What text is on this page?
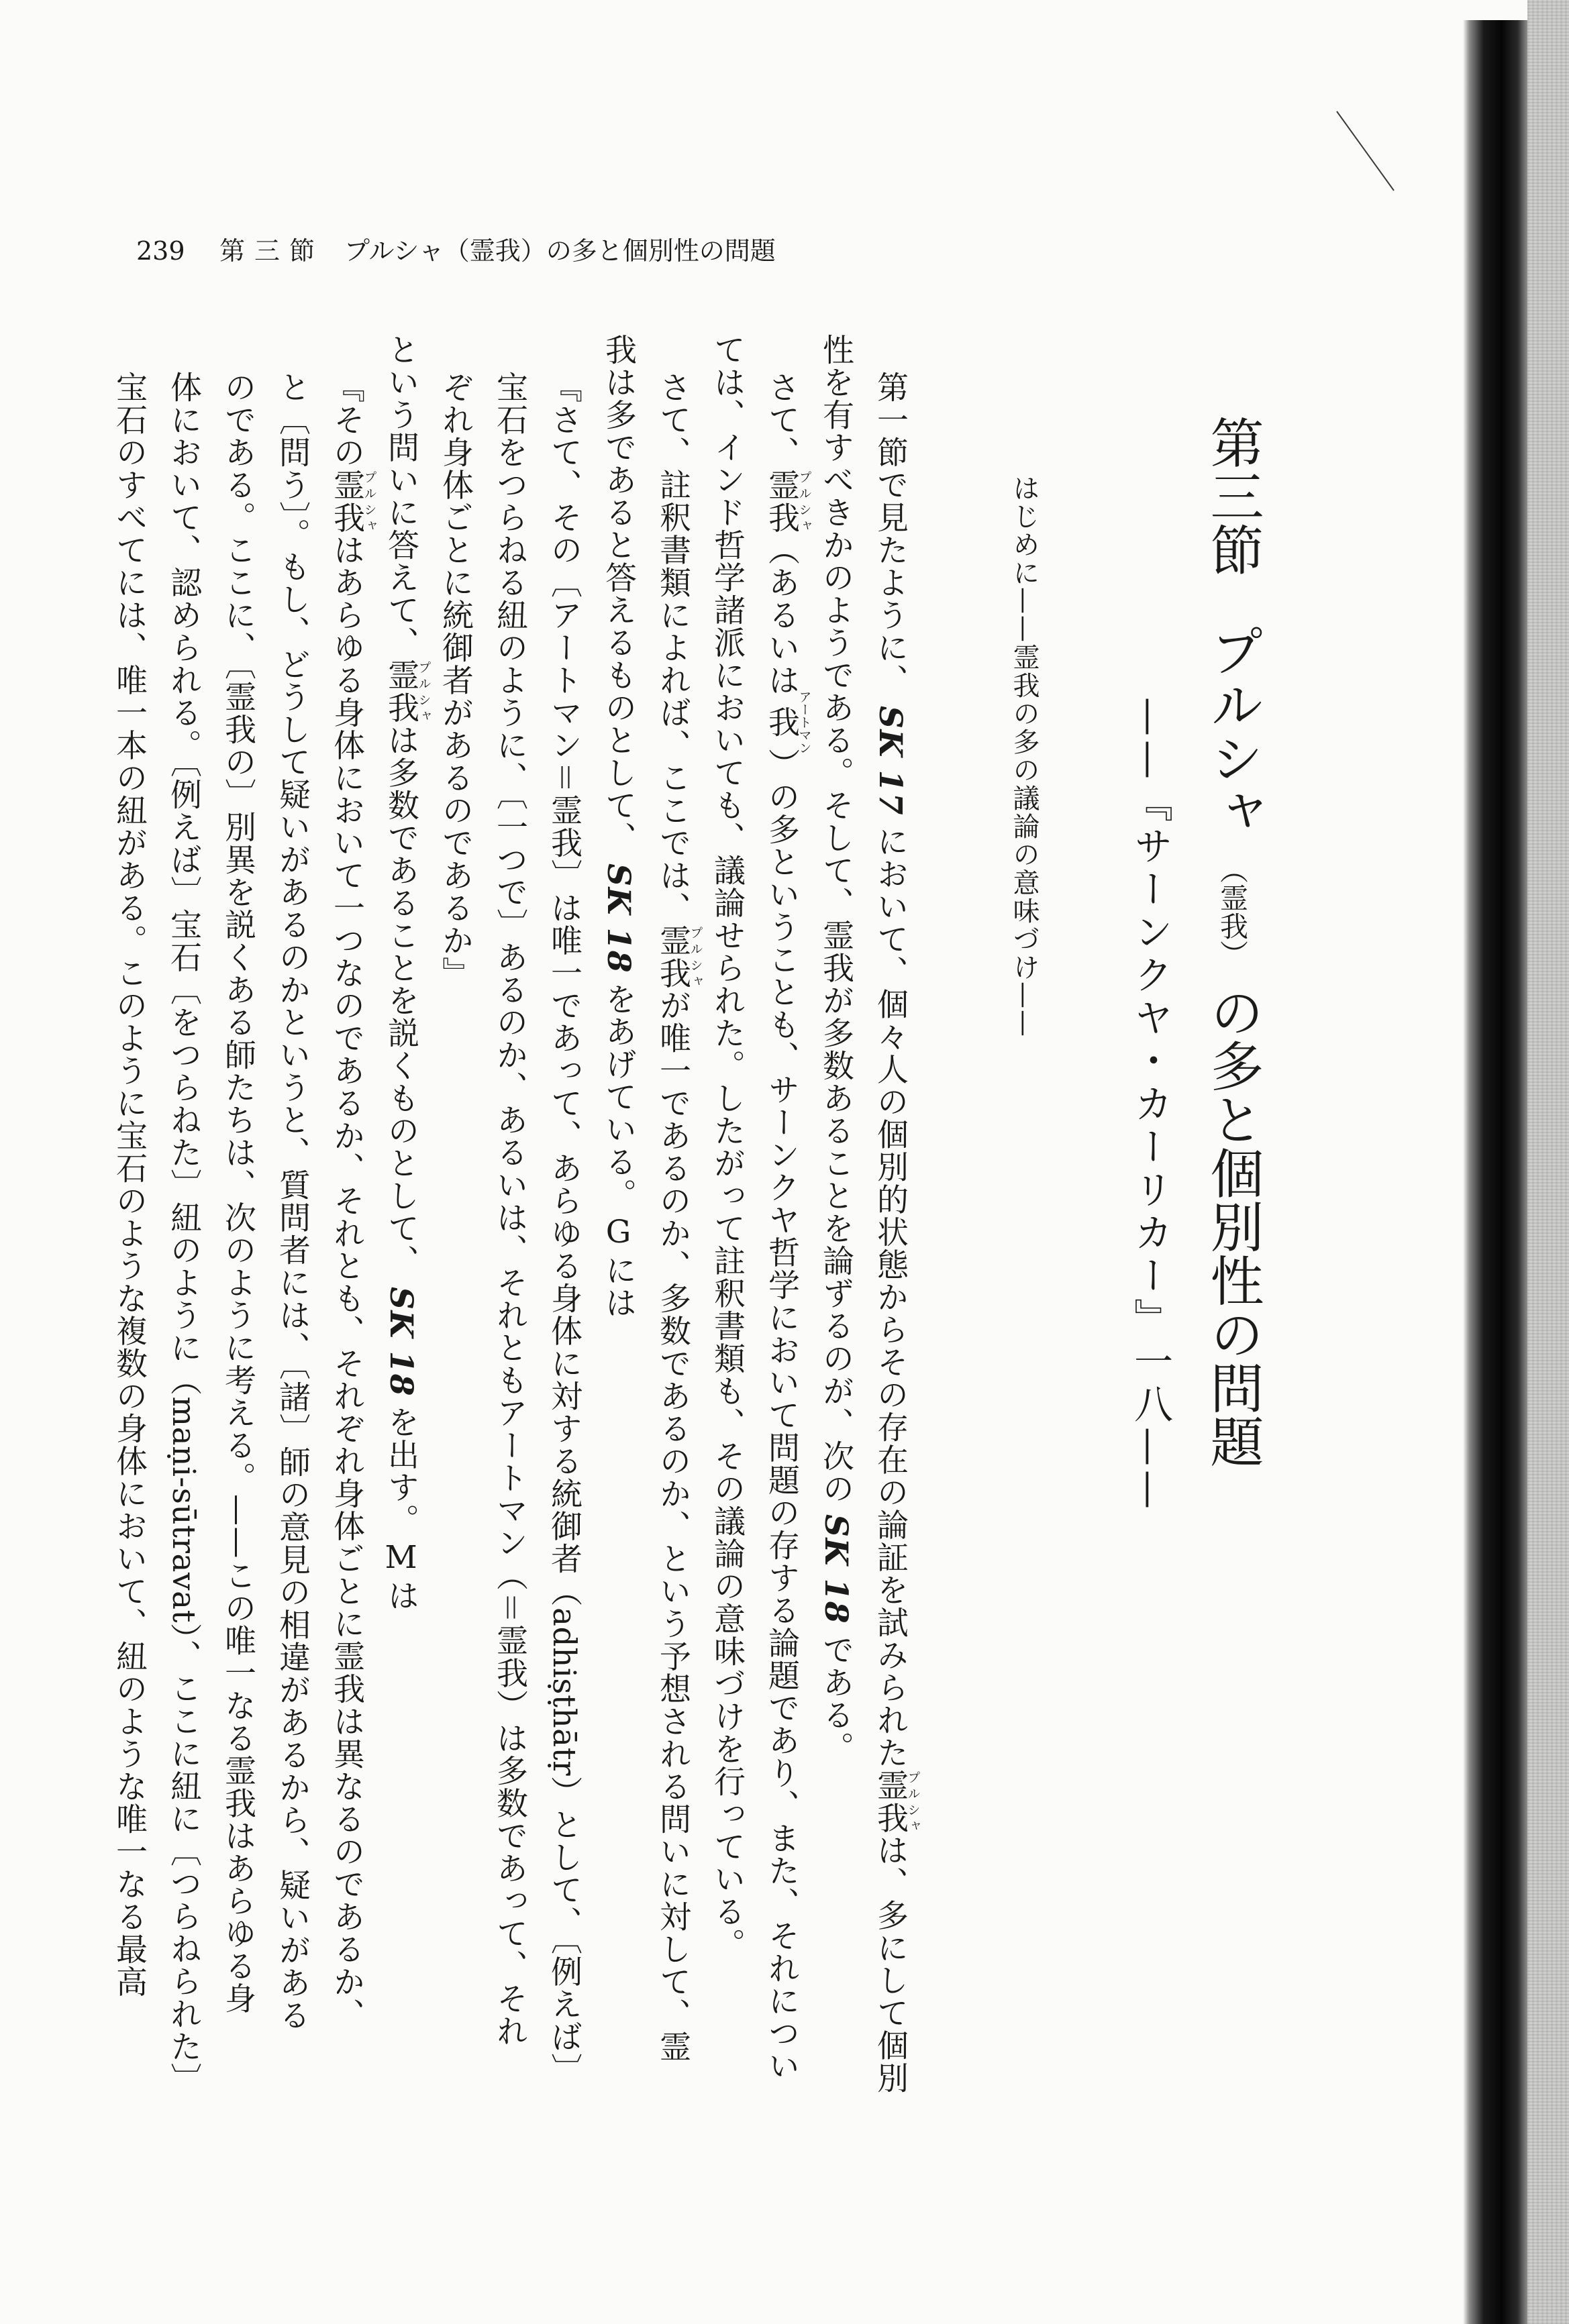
239 第三節 プルシャ（霊我）の多と個別性の問題
第三節 プルシャ （霊我） の多と個別性の問題
——『サーンクヤ・カーリカー』一八——
はじめに——霊我の多の議論の意味づけ——
第一節で見たように、SK 17において、個々人の個別的状態からその存在の論証を試みられた霊我プルシャは、多にして個別
性を有すべきかのようである。そして、霊我が多数あることを論ずるのが、次のSK 18である。
さて、霊我プルシャ（あるいは我アートマン）の多ということも、サーンクヤ哲学において問題の存する論題であり、また、それについ
ては、インド哲学諸派においても、議論せられた。したがって註釈書類も、その議論の意味づけを行っている。
さて、註釈書類によれば、ここでは、霊我プルシャが唯一であるのか、多数であるのか、という予想される問いに対して、霊
我は多であると答えるものとして、SK 18をあげている。Gには
『さて、その〔アートマン＝霊我〕は唯一であって、あらゆる身体に対する統御者（adhiṣṭhātṛ）として、〔例えば〕
宝石をつらねる紐のように、〔一つで〕あるのか、あるいは、それともアートマン（＝霊我）は多数であって、それ
ぞれ身体ごとに統御者があるのであるか』
という問いに答えて、霊我プルシャは多数であることを説くものとして、SK 18を出す。Mは
『その霊我プルシャはあらゆる身体において一つなのであるか、それとも、それぞれ身体ごとに霊我は異なるのであるか、
と〔問う〕。もし、どうして疑いがあるのかというと、質問者には、〔諸〕師の意見の相違があるから、疑いがある
のである。ここに、〔霊我の〕別異を説くある師たちは、次のように考える。——この唯一なる霊我はあらゆる身
体において、認められる。〔例えば〕宝石〔をつらねた〕紐のように（maṇi-sūtravat）、ここに紐に〔つらねられた〕
宝石のすべてには、唯一本の紐がある。このように宝石のような複数の身体において、紐のような唯一なる最高
